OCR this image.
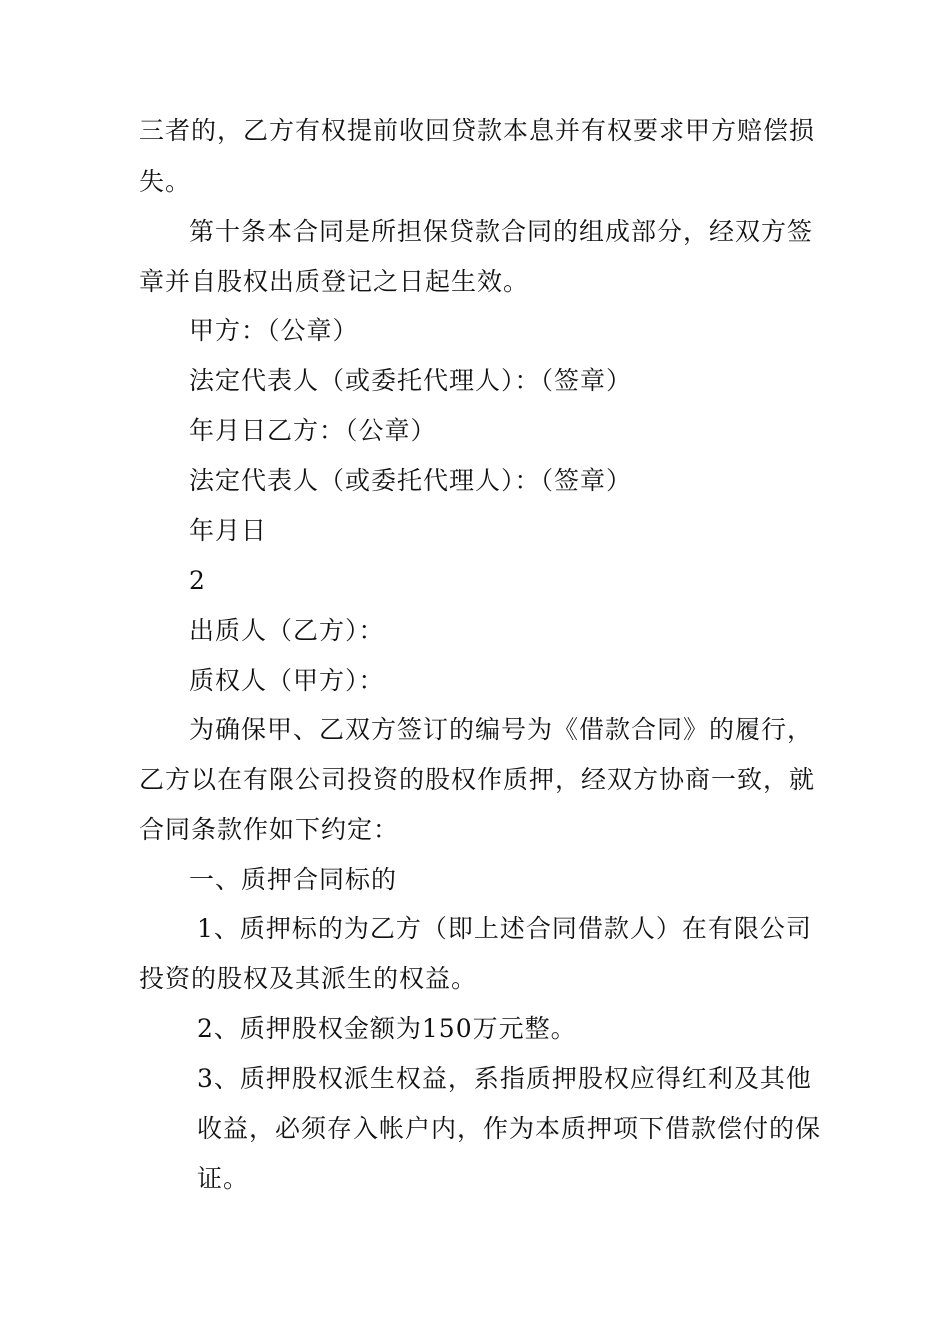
三者的，乙方有权提前收回贷款本息并有权要求甲方赔偿损
失。
第十条本合同是所担保贷款合同的组成部分，经双方签
章并自股权出质登记之日起生效。
甲方：（公章）
法定代表人（或委托代理人）：（签章）
年月日乙方：（公章）
法定代表人（或委托代理人）：（签章）
年月日
2
出质人（乙方）：
质权人（甲方）：
为确保甲、乙双方签订的编号为《借款合同》的履行，
乙方以在有限公司投资的股权作质押，经双方协商一致，就
合同条款作如下约定：
一、质押合同标的
1、质押标的为乙方（即上述合同借款人）在有限公司
投资的股权及其派生的权益。
2、质押股权金额为150万元整。
3、质押股权派生权益，系指质押股权应得红利及其他
收益，必须存入帐户内，作为本质押项下借款偿付的保
证。
